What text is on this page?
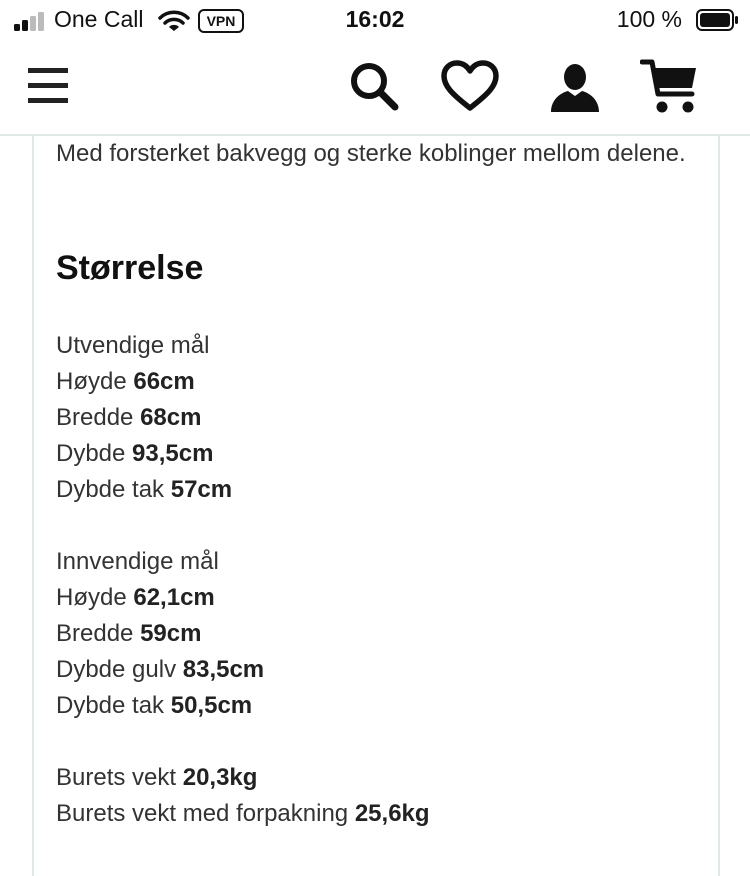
One Call	VPN	16:02	100 %

Med forsterket bakvegg og sterke koblinger mellom delene.

Størrelse
Utvendige mål
Høyde 66cm
Bredde 68cm
Dybde 93,5cm
Dybde tak 57cm
Innvendige mål
Høyde 62,1cm
Bredde 59cm
Dybde gulv 83,5cm
Dybde tak 50,5cm
Burets vekt 20,3kg
Burets vekt med forpakning 25,6kg
